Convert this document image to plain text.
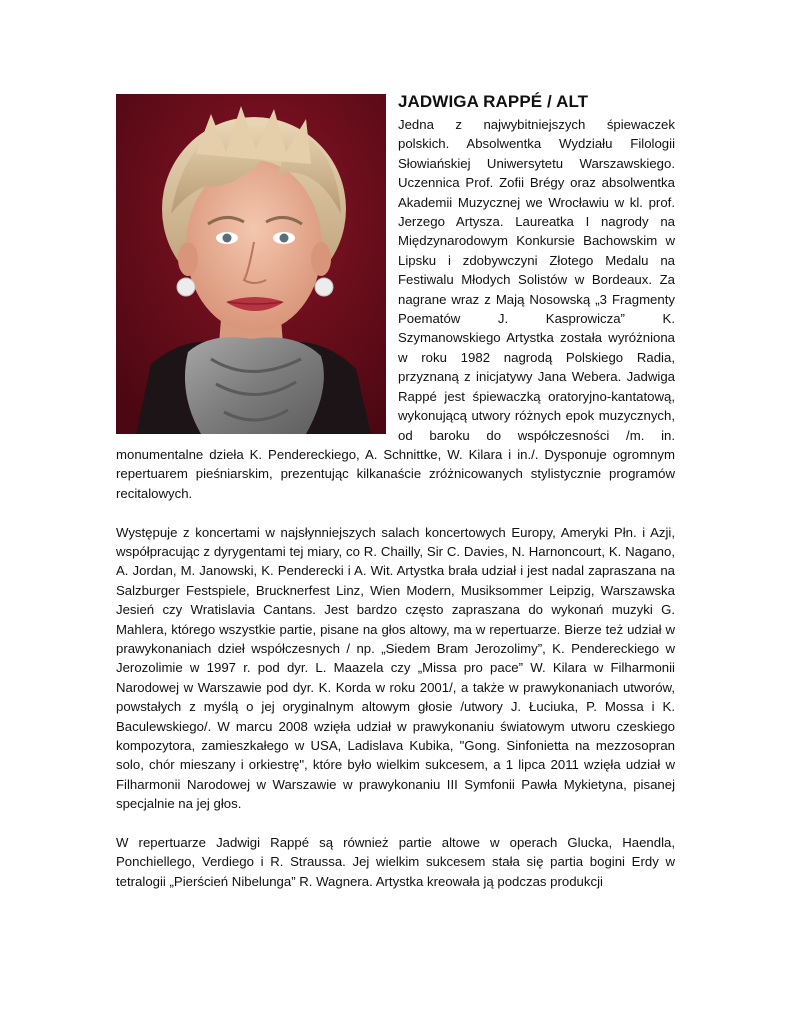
JADWIGA RAPPÉ / ALT

Jedna z najwybitniejszych śpiewaczek polskich. Absolwentka Wydziału Filologii Słowiańskiej Uniwersytetu Warszawskiego. Uczennica Prof. Zofii Brégy oraz absolwentka Akademii Muzycznej we Wrocławiu w kl. prof. Jerzego Artysza. Laureatka I nagrody na Międzynarodowym Konkursie Bachowskim w Lipsku i zdobywczyni Złotego Medalu na Festiwalu Młodych Solistów w Bordeaux. Za nagrane wraz z Mają Nosowską „3 Fragmenty Poematów J. Kasprowicza” K. Szymanowskiego Artystka została wyróżniona w roku 1982 nagrodą Polskiego Radia, przyznaną z inicjatywy Jana Webera. Jadwiga Rappé jest śpiewaczką oratoryjno-kantatową, wykonującą utwory różnych epok muzycznych, od baroku do współczesności /m. in. monumentalne dzieła K. Pendereckiego, A. Schnittke, W. Kilara i in./. Dysponuje ogromnym repertuarem pieśniarskim, prezentując kilkanaście zróżnicowanych stylistycznie programów recitalowych.

Występuje z koncertami w najsłynniejszych salach koncertowych Europy, Ameryki Płn. i Azji, współpracując z dyrygentami tej miary, co R. Chailly, Sir C. Davies, N. Harnoncourt, K. Nagano, A. Jordan, M. Janowski, K. Penderecki i A. Wit. Artystka brała udział i jest nadal zapraszana na Salzburger Festspiele, Brucknerfest Linz, Wien Modern, Musiksommer Leipzig, Warszawska Jesień czy Wratislavia Cantans. Jest bardzo często zapraszana do wykonań muzyki G. Mahlera, którego wszystkie partie, pisane na głos altowy, ma w repertuarze. Bierze też udział w prawykonaniach dzieł współczesnych / np. „Siedem Bram Jerozolimy”, K. Pendereckiego w Jerozolimie w 1997 r. pod dyr. L. Maazela czy „Missa pro pace” W. Kilara w Filharmonii Narodowej w Warszawie pod dyr. K. Korda w roku 2001/, a także w prawykonaniach utworów, powstałych z myślą o jej oryginalnym altowym głosie /utwory J. Łuciuka, P. Mossa i K. Baculewskiego/. W marcu 2008 wzięła udział w prawykonaniu światowym utworu czeskiego kompozytora, zamieszkałego w USA, Ladislava Kubika, "Gong. Sinfonietta na mezzosopran solo, chór mieszany i orkiestrę", które było wielkim sukcesem, a 1 lipca 2011 wzięła udział w Filharmonii Narodowej w Warszawie w prawykonaniu III Symfonii Pawła Mykietyna, pisanej specjalnie na jej głos.

W repertuarze Jadwigi Rappé są również partie altowe w operach Glucka, Haendla, Ponchiellego, Verdiego i R. Straussa. Jej wielkim sukcesem stała się partia bogini Erdy w tetralogii „Pierścień Nibelunga” R. Wagnera. Artystka kreowała ją podczas produkcji
